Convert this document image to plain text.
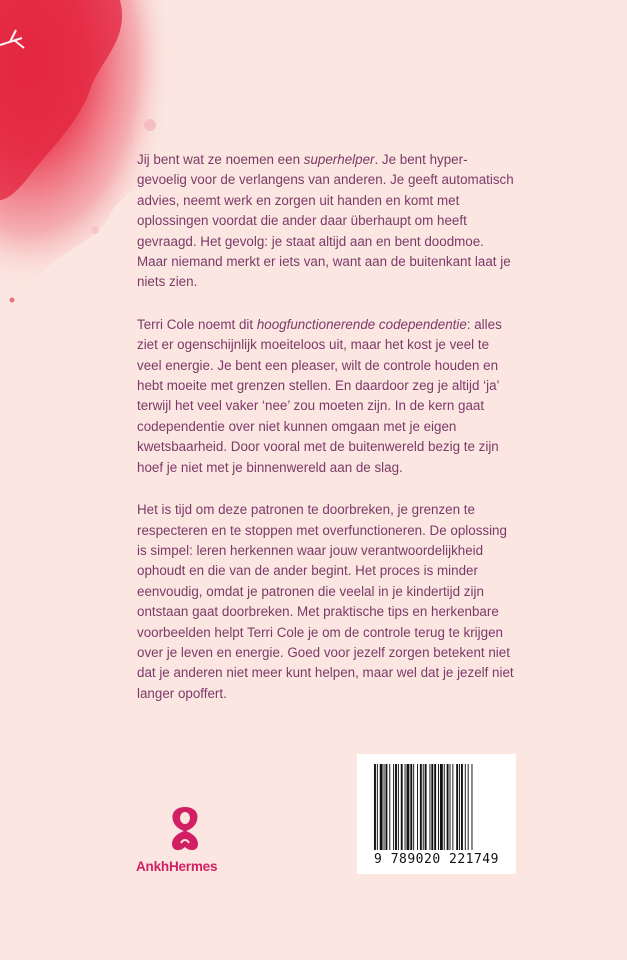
Jij bent wat ze noemen een superhelper. Je bent hyper-gevoelig voor de verlangens van anderen. Je geeft automatisch advies, neemt werk en zorgen uit handen en komt met oplossingen voordat die ander daar überhaupt om heeft gevraagd. Het gevolg: je staat altijd aan en bent doodmoe. Maar niemand merkt er iets van, want aan de buitenkant laat je niets zien.

Terri Cole noemt dit hoogfunctionerende codependentie: alles ziet er ogenschijnlijk moeiteloos uit, maar het kost je veel te veel energie. Je bent een pleaser, wilt de controle houden en hebt moeite met grenzen stellen. En daardoor zeg je altijd ‘ja’ terwijl het veel vaker ‘nee’ zou moeten zijn. In de kern gaat codependentie over niet kunnen omgaan met je eigen kwetsbaarheid. Door vooral met de buitenwereld bezig te zijn hoef je niet met je binnenwereld aan de slag.

Het is tijd om deze patronen te doorbreken, je grenzen te respecteren en te stoppen met overfunctioneren. De oplossing is simpel: leren herkennen waar jouw verantwoordelijkheid ophoudt en die van de ander begint. Het proces is minder eenvoudig, omdat je patronen die veelal in je kindertijd zijn ontstaan gaat doorbreken. Met praktische tips en herkenbare voorbeelden helpt Terri Cole je om de controle terug te krijgen over je leven en energie. Goed voor jezelf zorgen betekent niet dat je anderen niet meer kunt helpen, maar wel dat je jezelf niet langer opoffert.

AnkhHermes	9 789020 221749
